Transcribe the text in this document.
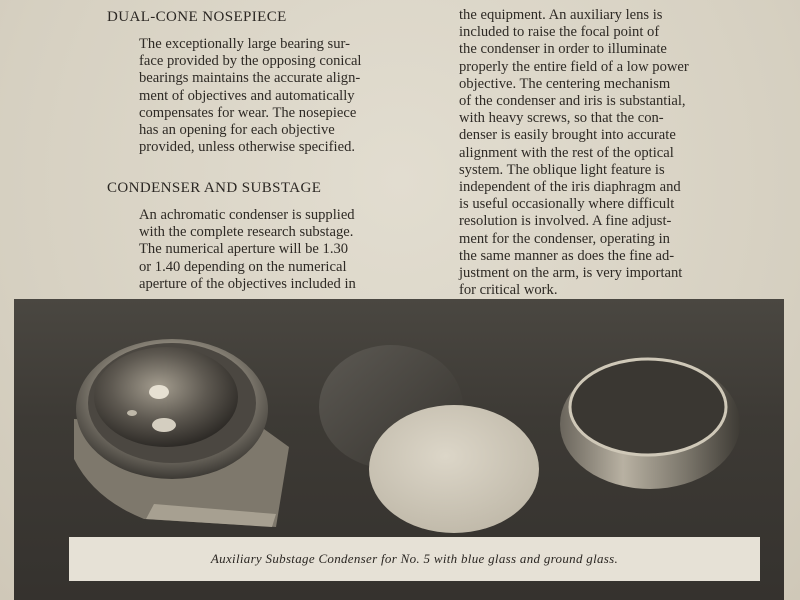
DUAL-CONE NOSEPIECE
The exceptionally large bearing sur-
face provided by the opposing conical
bearings maintains the accurate align-
ment of objectives and automatically
compensates for wear. The nosepiece
has an opening for each objective
provided, unless otherwise specified.
CONDENSER AND SUBSTAGE
An achromatic condenser is supplied
with the complete research substage.
The numerical aperture will be 1.30
or 1.40 depending on the numerical
aperture of the objectives included in
the equipment. An auxiliary lens is
included to raise the focal point of
the condenser in order to illuminate
properly the entire field of a low power
objective. The centering mechanism
of the condenser and iris is substantial,
with heavy screws, so that the con-
denser is easily brought into accurate
alignment with the rest of the optical
system. The oblique light feature is
independent of the iris diaphragm and
is useful occasionally where difficult
resolution is involved. A fine adjust-
ment for the condenser, operating in
the same manner as does the fine ad-
justment on the arm, is very important
for critical work.
Auxiliary Substage Condenser for No. 5 with blue glass and ground glass.
